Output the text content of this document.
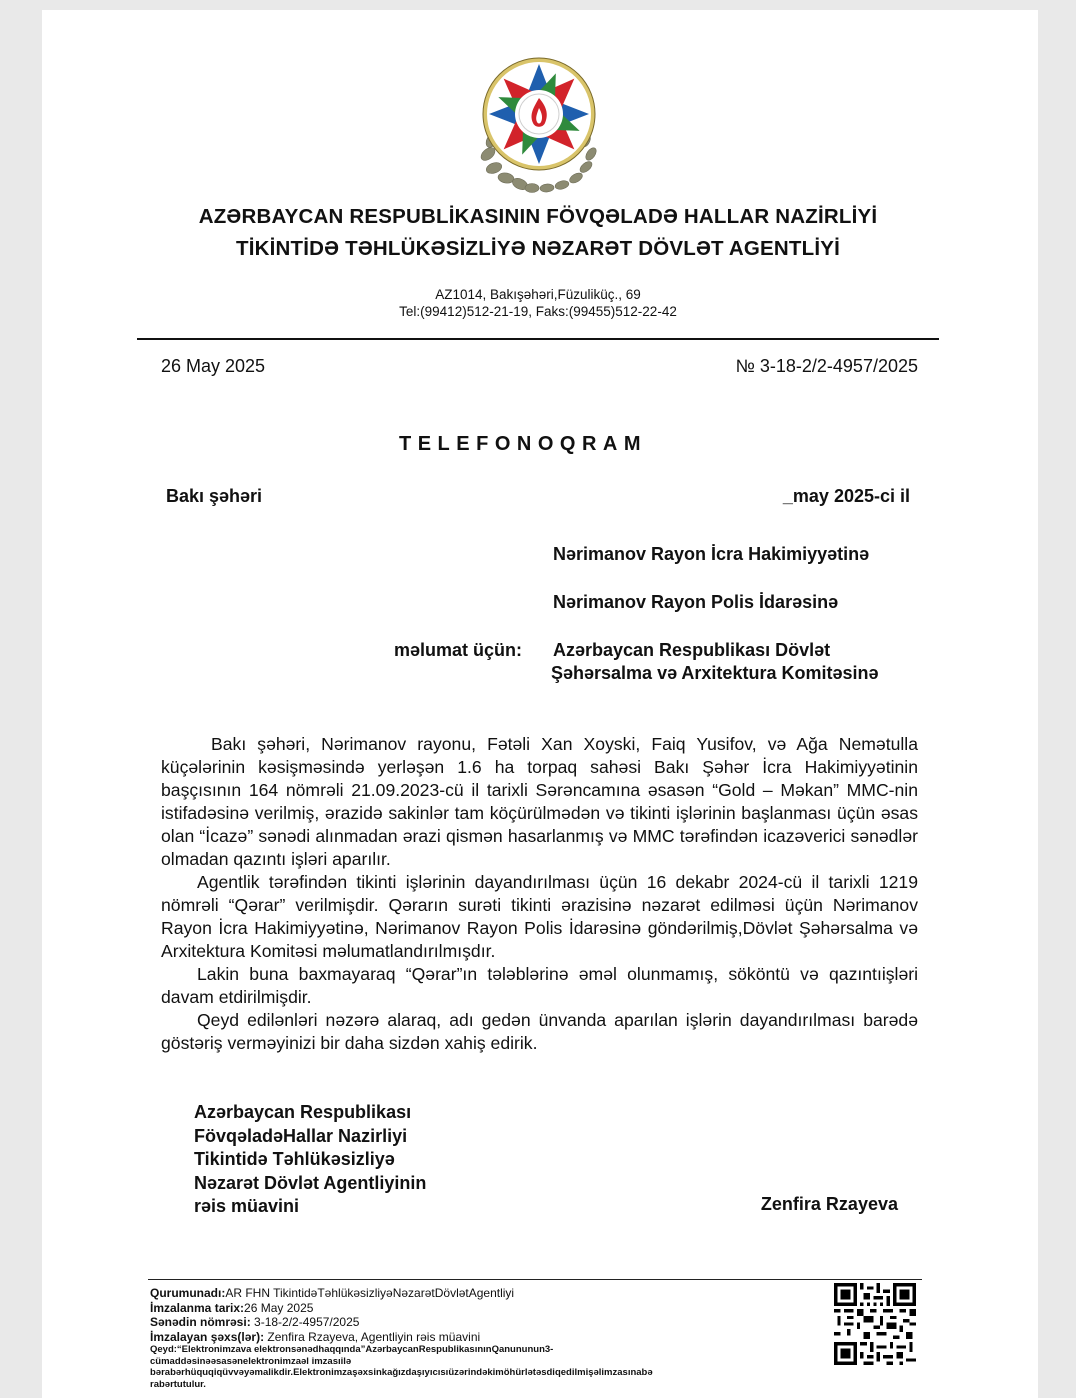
AZƏRBAYCAN RESPUBLİKASININ FÖVQƏLADƏ HALLAR NAZİRLİYİ
TİKİNTİDƏ TƏHLÜKƏSİZLİYƏ NƏZARƏT DÖVLƏT AGENTLİYİ
AZ1014, Bakışəhəri,Füzuliküç., 69
Tel:(99412)512-21-19, Faks:(99455)512-22-42
26 May 2025	№ 3-18-2/2-4957/2025
TELEFONOQRAM
Bakı şəhəri	_may 2025-ci il
Nərimanov Rayon İcra Hakimiyyətinə
Nərimanov Rayon Polis İdarəsinə
məlumat üçün: Azərbaycan Respublikası Dövlət
Şəhərsalma və Arxitektura Komitəsinə

Bakı şəhəri, Nərimanov rayonu, Fətəli Xan Xoyski, Faiq Yusifov, və Ağa Nemətulla küçələrinin kəsişməsində yerləşən 1.6 ha torpaq sahəsi Bakı Şəhər İcra Hakimiyyətinin başçısının 164 nömrəli 21.09.2023-cü il tarixli Sərəncamına əsasən “Gold – Məkan” MMC-nin istifadəsinə verilmiş, ərazidə sakinlər tam köçürülmədən və tikinti işlərinin başlanması üçün əsas olan “İcazə” sənədi alınmadan ərazi qismən hasarlanmış və MMC tərəfindən icazəverici sənədlər olmadan qazıntı işləri aparılır.

Agentlik tərəfindən tikinti işlərinin dayandırılması üçün 16 dekabr 2024-cü il tarixli 1219 nömrəli “Qərar” verilmişdir. Qərarın surəti tikinti ərazisinə nəzarət edilməsi üçün Nərimanov Rayon İcra Hakimiyyətinə, Nərimanov Rayon Polis İdarəsinə göndərilmiş,Dövlət Şəhərsalma və Arxitektura Komitəsi məlumatlandırılmışdır.

Lakin buna baxmayaraq “Qərar”ın tələblərinə əməl olunmamış, sököntü və qazıntıişləri davam etdirilmişdir.

Qeyd edilənləri nəzərə alaraq, adı gedən ünvanda aparılan işlərin dayandırılması barədə göstəriş verməyinizi bir daha sizdən xahiş edirik.

Azərbaycan Respublikası
FövqəladəHallar Nazirliyi
Tikintidə Təhlükəsizliyə
Nəzarət Dövlət Agentliyinin
rəis müavini	Zenfira Rzayeva
Qurumunadı:AR FHN TikintidəTəhlükəsizliyəNəzarətDövlətAgentliyi
İmzalanma tarix:26 May 2025
Sənədin nömrəsi: 3-18-2/2-4957/2025
İmzalayan şəxs(lər): Zenfira Rzayeva, Agentliyin rəis müavini
Qeyd:“Elektronimzava elektronsənədhaqqında”AzərbaycanRespublikasınınQanununun3-
cümaddəsinəəsasənelektronimzaəl imzasıilə
bərabərhüquqiqüvvəyəmalikdir.Elektronimzaşəxsinkağızdaşıyıcısıüzərindəkimöhürlətəsdiqedilmişəlimzasınabə
rabərtutulur.
